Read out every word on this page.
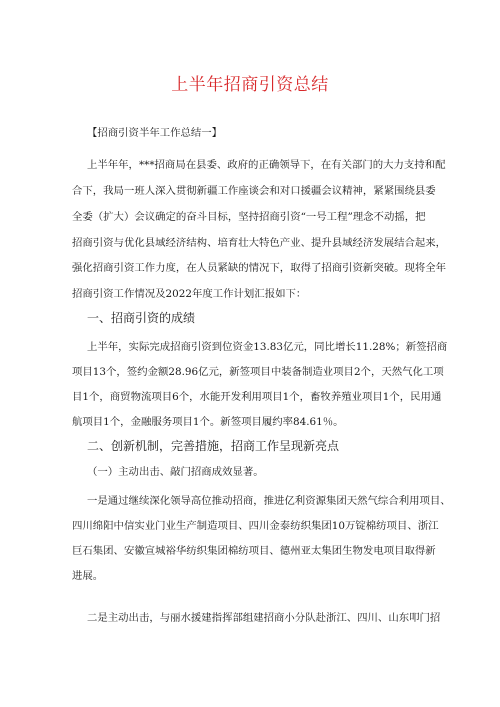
上半年招商引资总结
【招商引资半年工作总结一】
上半年年，***招商局在县委、政府的正确领导下，在有关部门的大力支持和配
合下，我局一班人深入贯彻新疆工作座谈会和对口援疆会议精神，紧紧围绕县委
全委（扩大）会议确定的奋斗目标，坚持招商引资“一号工程”理念不动摇，把
招商引资与优化县域经济结构、培育壮大特色产业、提升县域经济发展结合起来，
强化招商引资工作力度，在人员紧缺的情况下，取得了招商引资新突破。现将全年
招商引资工作情况及2022年度工作计划汇报如下：
一、招商引资的成绩
上半年，实际完成招商引资到位资金13.83亿元，同比增长11.28%；新签招商
项目13个，签约金额28.96亿元，新签项目中装备制造业项目2个，天然气化工项
目1个，商贸物流项目6个，水能开发利用项目1个，畜牧养殖业项目1个，民用通
航项目1个，金融服务项目1个。新签项目履约率84.61％。
二、创新机制，完善措施，招商工作呈现新亮点
（一）主动出击、敲门招商成效显著。
一是通过继续深化领导高位推动招商，推进亿利资源集团天然气综合利用项目、
四川绵阳中信实业门业生产制造项目、四川金泰纺织集团10万锭棉纺项目、浙江
巨石集团、安徽宣城裕华纺织集团棉纺项目、德州亚太集团生物发电项目取得新
进展。
二是主动出击，与丽水援建指挥部组建招商小分队赴浙江、四川、山东叩门招
